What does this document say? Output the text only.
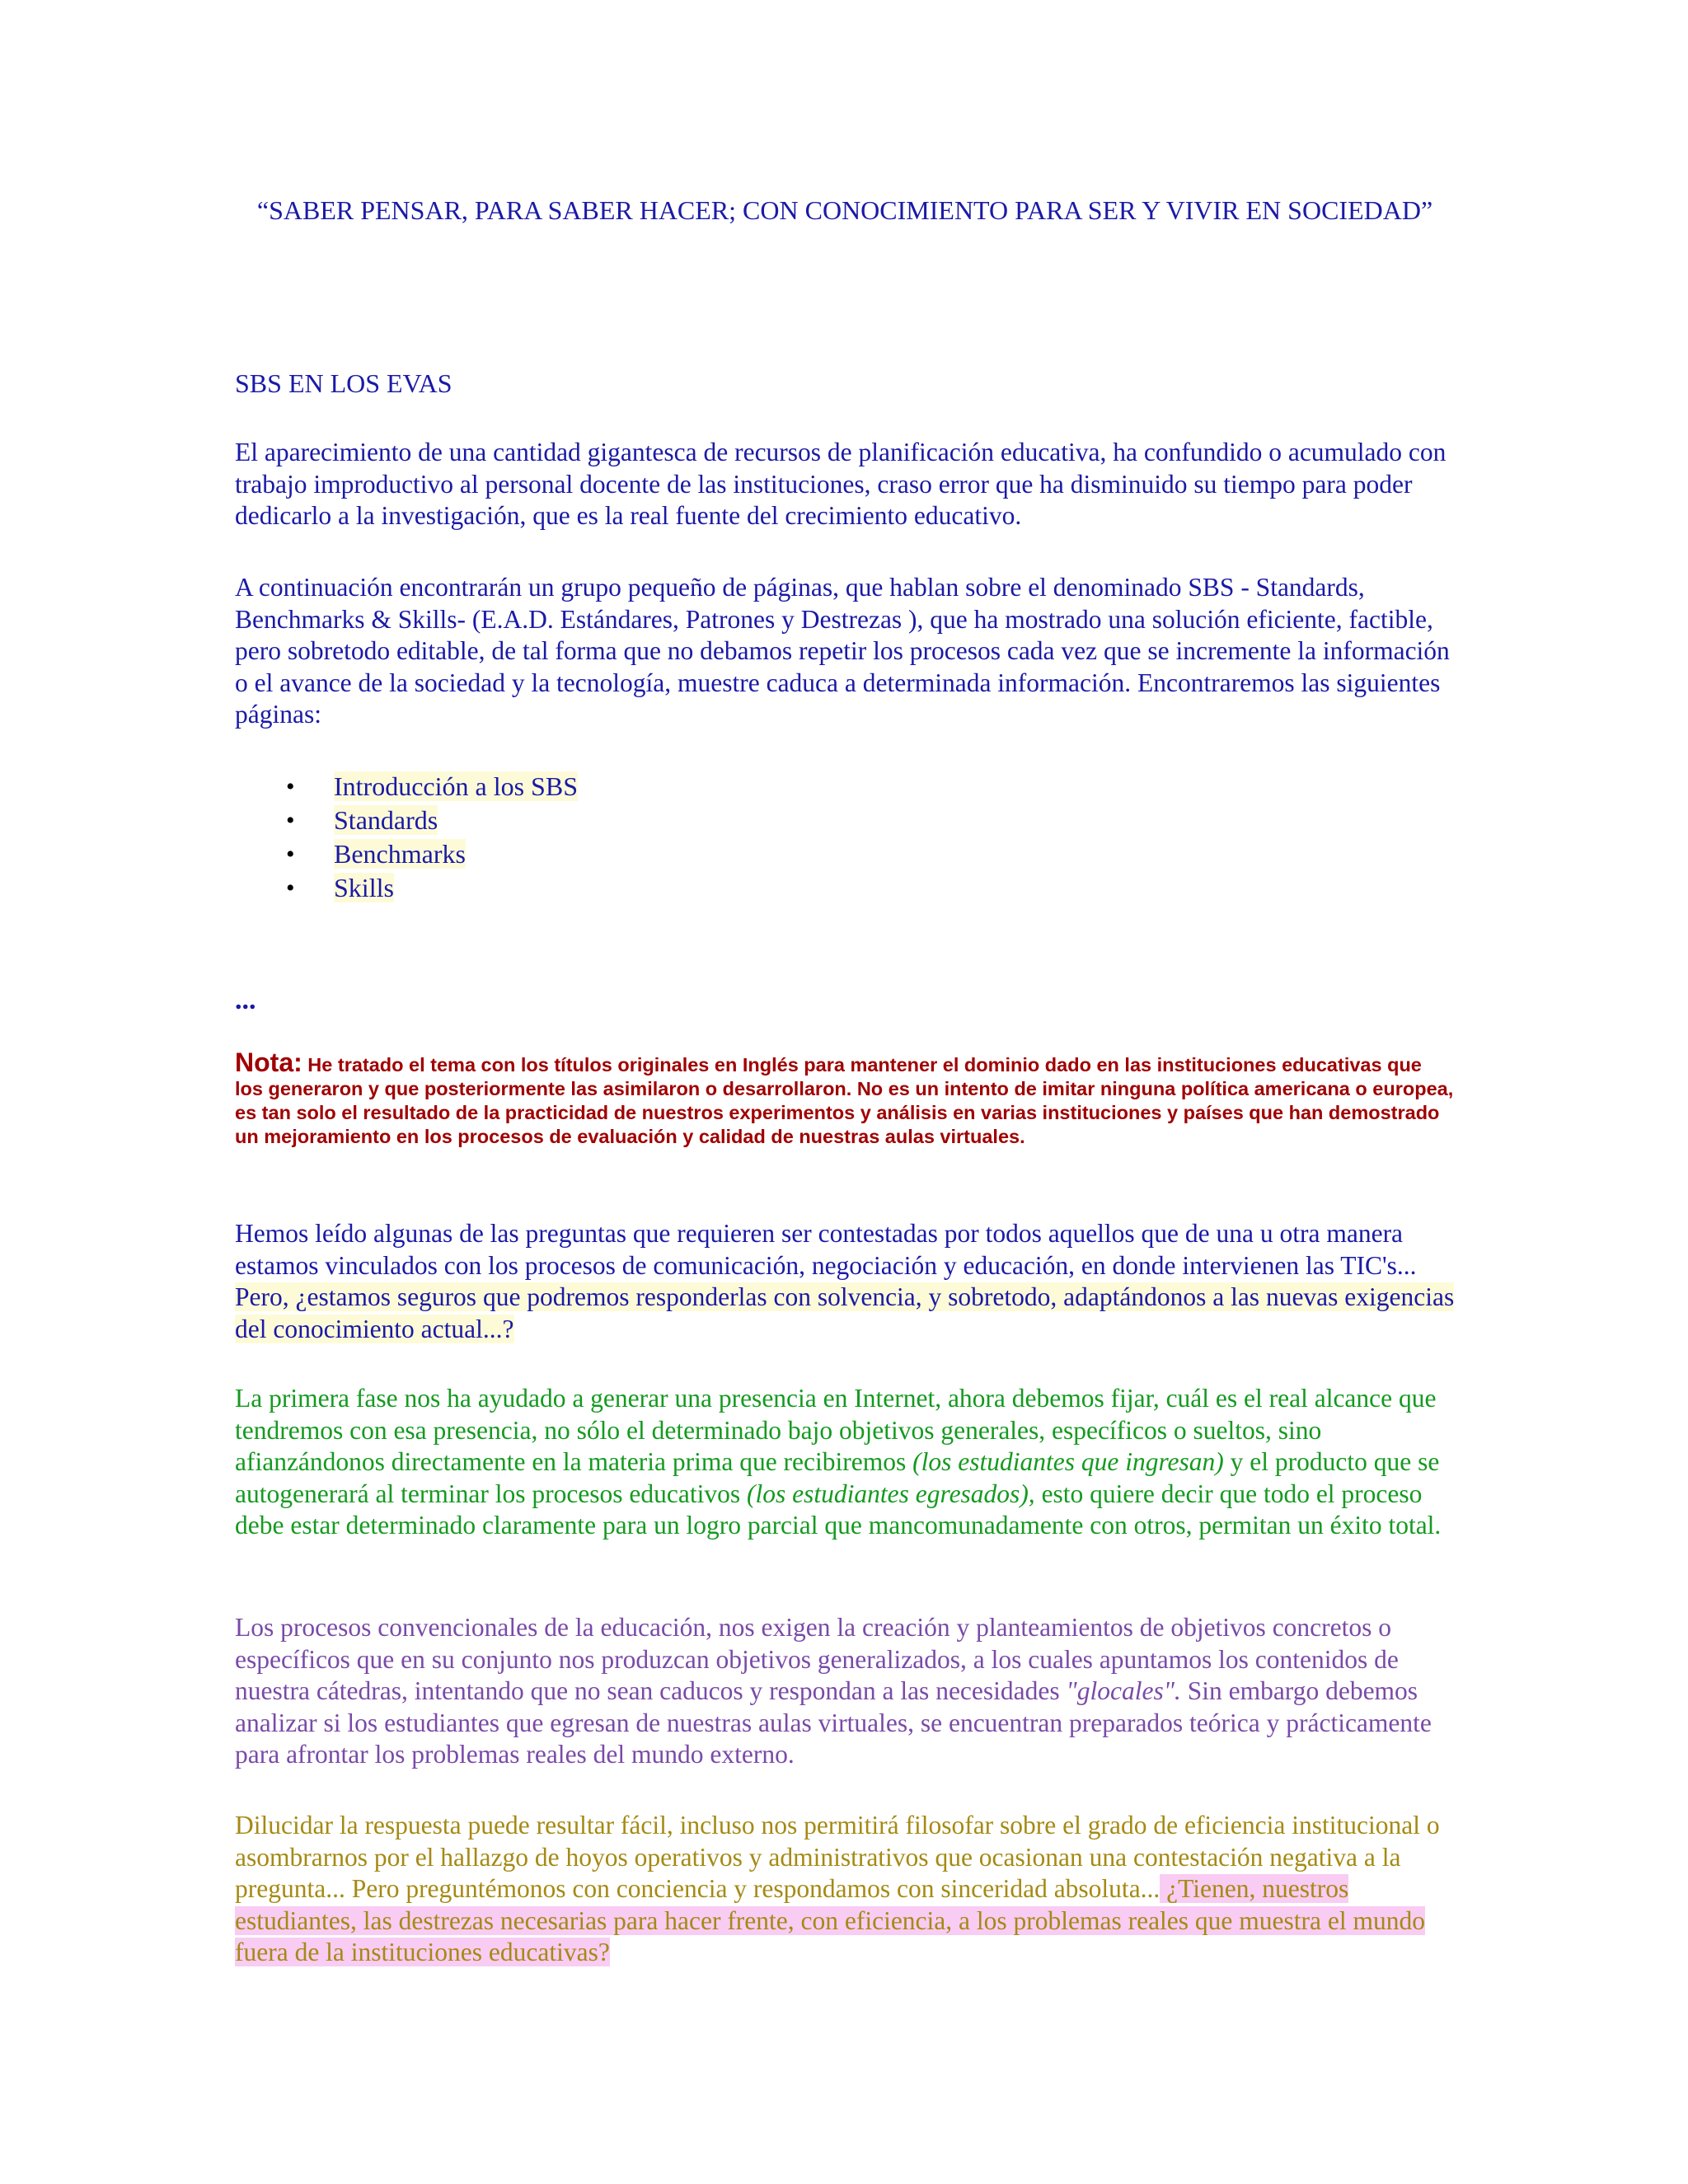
“SABER PENSAR, PARA SABER HACER; CON CONOCIMIENTO PARA SER Y VIVIR EN SOCIEDAD”
SBS EN LOS EVAS

El aparecimiento de una cantidad gigantesca de recursos de planificación educativa, ha confundido o acumulado con trabajo improductivo al personal docente de las instituciones, craso error que ha disminuido su tiempo para poder dedicarlo a la investigación, que es la real fuente del crecimiento educativo.

A continuación encontrarán un grupo pequeño de páginas, que hablan sobre el denominado SBS - Standards, Benchmarks & Skills- (E.A.D. Estándares, Patrones y Destrezas ), que ha mostrado una solución eficiente, factible, pero sobretodo editable, de tal forma que no debamos repetir los procesos cada vez que se incremente la información o el avance de la sociedad y la tecnología, muestre caduca a determinada información. Encontraremos las siguientes páginas:

• Introducción a los SBS
• Standards
• Benchmarks
• Skills
...
Nota: He tratado el tema con los títulos originales en Inglés para mantener el dominio dado en las instituciones educativas que los generaron y que posteriormente las asimilaron o desarrollaron. No es un intento de imitar ninguna política americana o europea, es tan solo el resultado de la practicidad de nuestros experimentos y análisis en varias instituciones y países que han demostrado un mejoramiento en los procesos de evaluación y calidad de nuestras aulas virtuales.

Hemos leído algunas de las preguntas que requieren ser contestadas por todos aquellos que de una u otra manera estamos vinculados con los procesos de comunicación, negociación y educación, en donde intervienen las TIC's... Pero, ¿estamos seguros que podremos responderlas con solvencia, y sobretodo, adaptándonos a las nuevas exigencias del conocimiento actual...?

La primera fase nos ha ayudado a generar una presencia en Internet, ahora debemos fijar, cuál es el real alcance que tendremos con esa presencia, no sólo el determinado bajo objetivos generales, específicos o sueltos, sino afianzándonos directamente en la materia prima que recibiremos (los estudiantes que ingresan) y el producto que se autogenerará al terminar los procesos educativos (los estudiantes egresados), esto quiere decir que todo el proceso debe estar determinado claramente para un logro parcial que mancomunadamente con otros, permitan un éxito total.

Los procesos convencionales de la educación, nos exigen la creación y planteamientos de objetivos concretos o específicos que en su conjunto nos produzcan objetivos generalizados, a los cuales apuntamos los contenidos de nuestra cátedras, intentando que no sean caducos y respondan a las necesidades "glocales". Sin embargo debemos analizar si los estudiantes que egresan de nuestras aulas virtuales, se encuentran preparados teórica y prácticamente para afrontar los problemas reales del mundo externo.

Dilucidar la respuesta puede resultar fácil, incluso nos permitirá filosofar sobre el grado de eficiencia institucional o asombrarnos por el hallazgo de hoyos operativos y administrativos que ocasionan una contestación negativa a la pregunta... Pero preguntémonos con conciencia y respondamos con sinceridad absoluta... ¿Tienen, nuestros estudiantes, las destrezas necesarias para hacer frente, con eficiencia, a los problemas reales que muestra el mundo fuera de la instituciones educativas?
